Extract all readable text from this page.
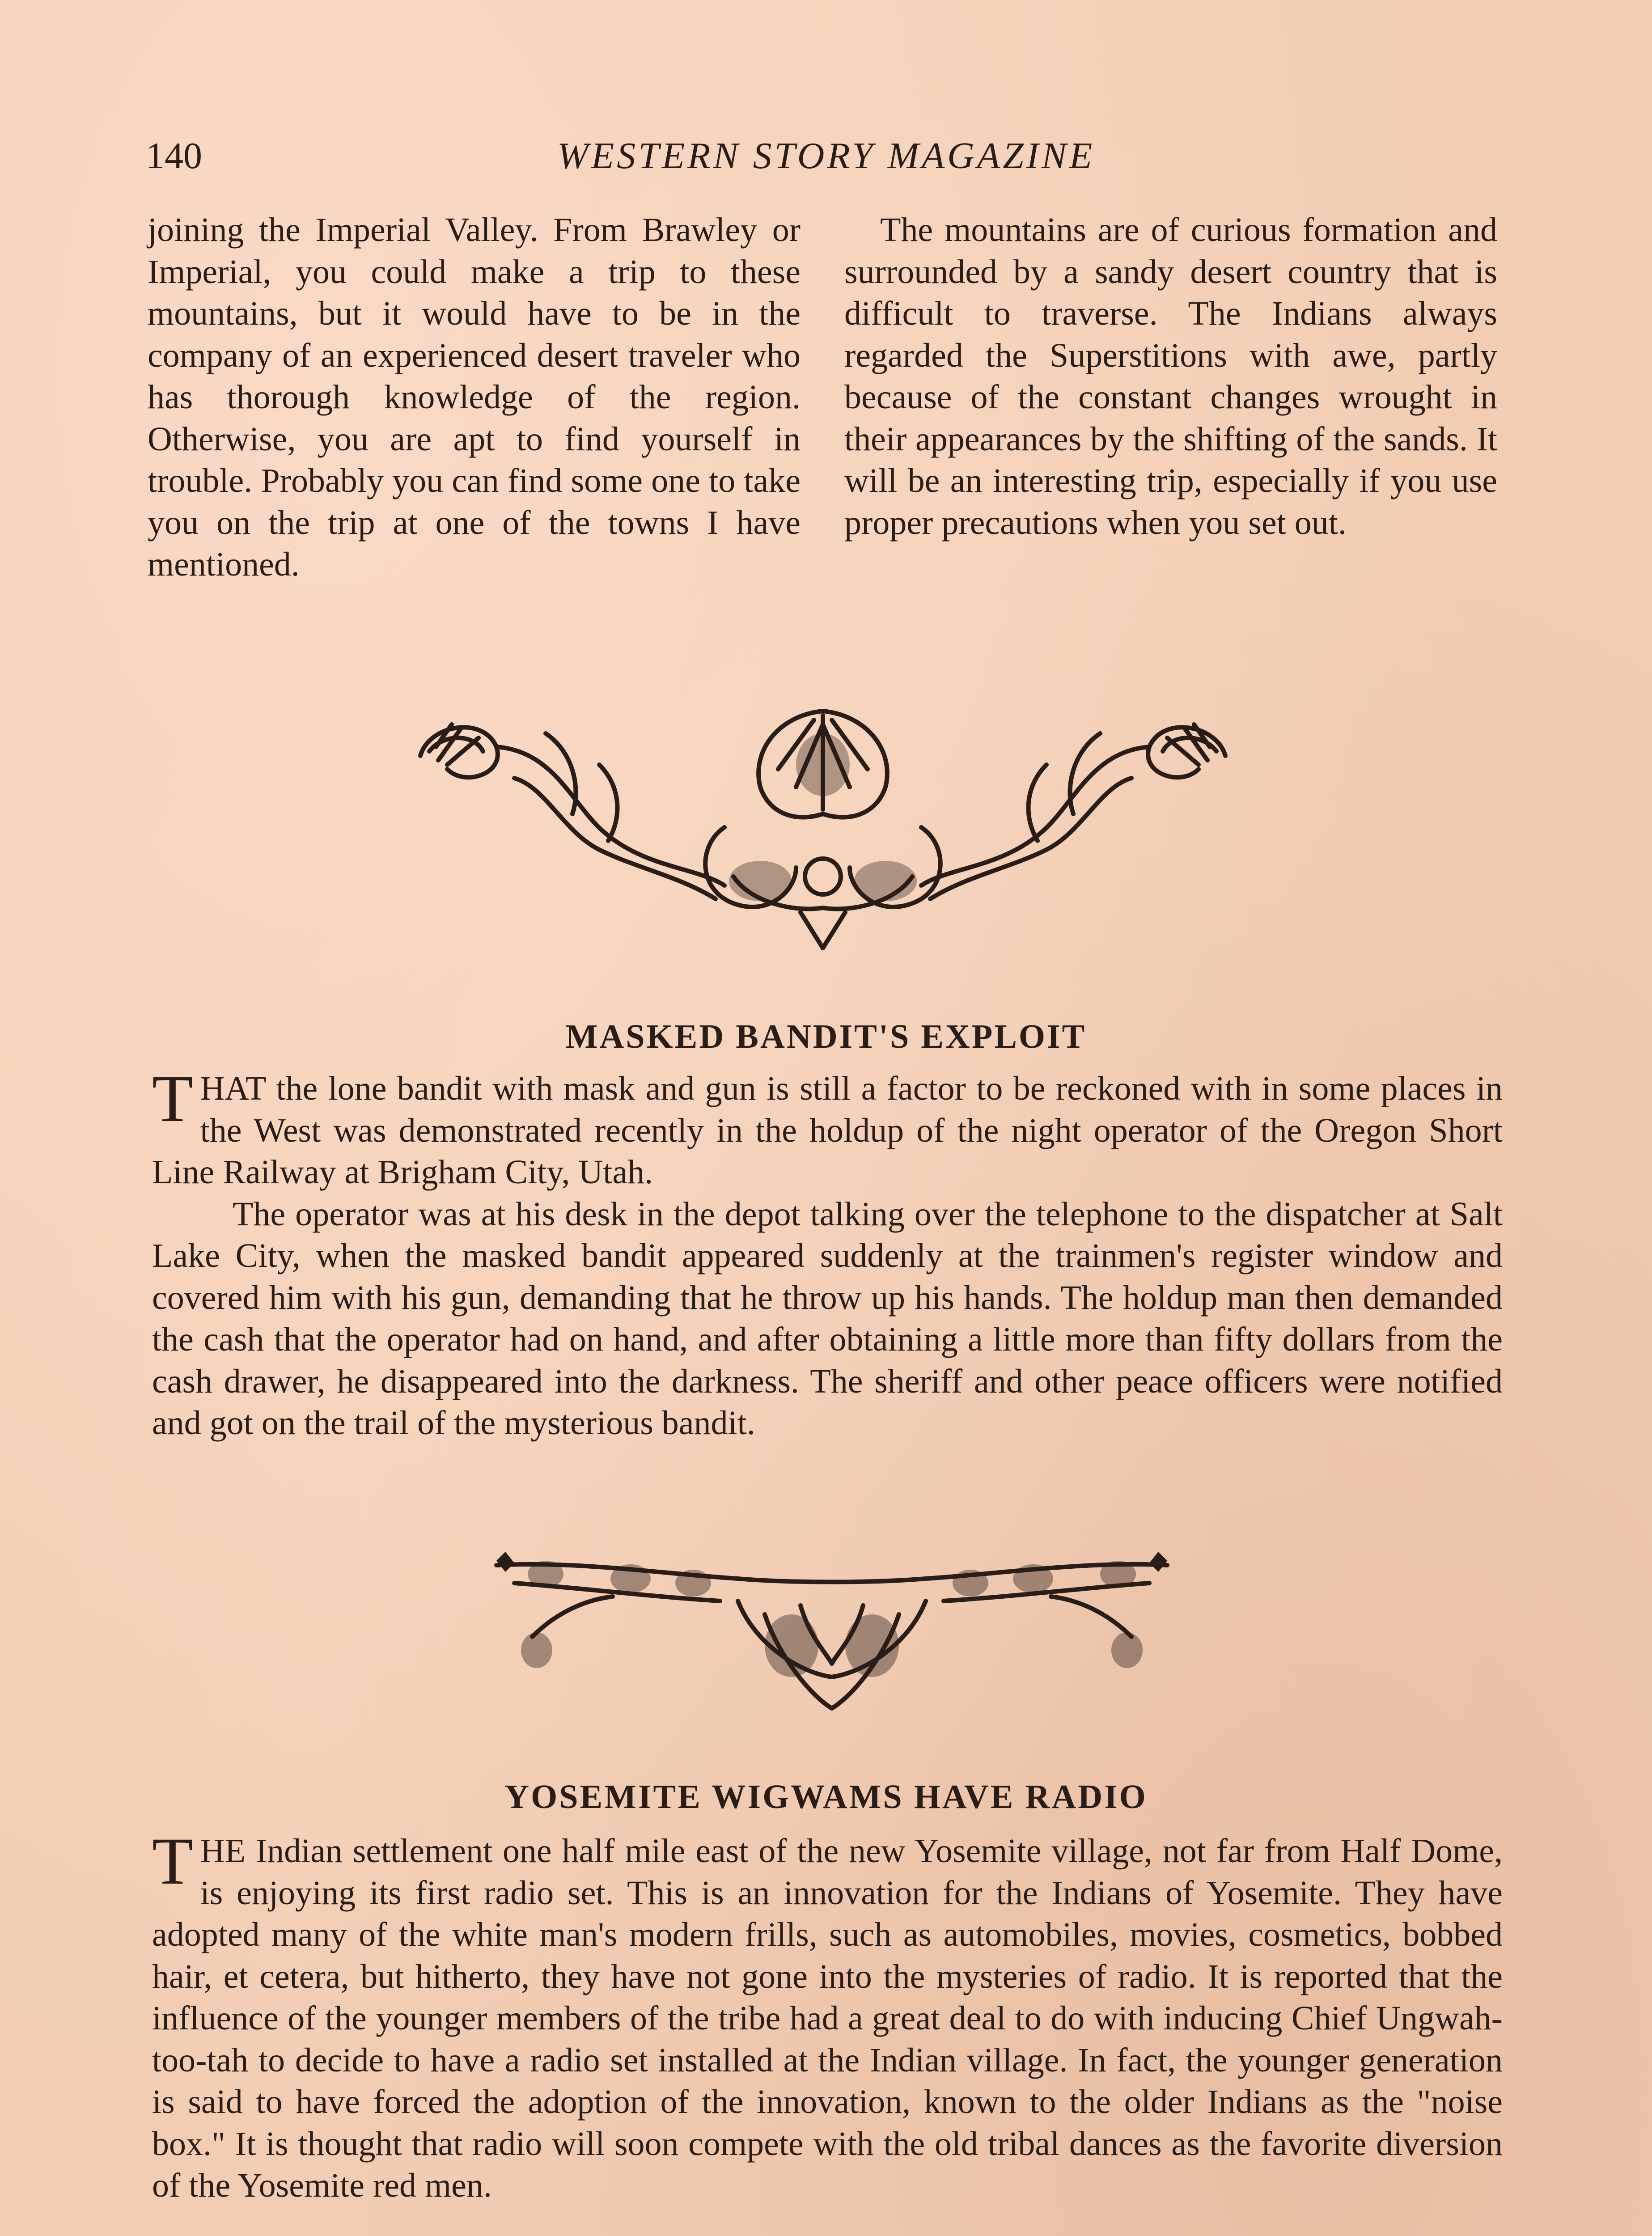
140	WESTERN STORY MAGAZINE

joining the Imperial Valley. From Brawley or Imperial, you could make a trip to these mountains, but it would have to be in the company of an experienced desert traveler who has thorough knowledge of the region. Otherwise, you are apt to find yourself in trouble. Probably you can find some one to take you on the trip at one of the towns I have mentioned.

The mountains are of curious formation and surrounded by a sandy desert country that is difficult to traverse. The Indians always regarded the Superstitions with awe, partly because of the constant changes wrought in their appearances by the shifting of the sands. It will be an interesting trip, especially if you use proper precautions when you set out.

MASKED BANDIT'S EXPLOIT
T HAT the lone bandit with mask and gun is still a factor to be reckoned with in some places in the West was demonstrated recently in the holdup of the night operator of the Oregon Short Line Railway at Brigham City, Utah.

The operator was at his desk in the depot talking over the telephone to the dispatcher at Salt Lake City, when the masked bandit appeared suddenly at the trainmen's register window and covered him with his gun, demanding that he throw up his hands. The holdup man then demanded the cash that the operator had on hand, and after obtaining a little more than fifty dollars from the cash drawer, he disappeared into the darkness. The sheriff and other peace officers were notified and got on the trail of the mysterious bandit.

YOSEMITE WIGWAMS HAVE RADIO
T HE Indian settlement one half mile east of the new Yosemite village, not far from Half Dome, is enjoying its first radio set. This is an innovation for the Indians of Yosemite. They have adopted many of the white man's modern frills, such as automobiles, movies, cosmetics, bobbed hair, et cetera, but hitherto, they have not gone into the mysteries of radio. It is reported that the influence of the younger members of the tribe had a great deal to do with inducing Chief Ungwah-too-tah to decide to have a radio set installed at the Indian village. In fact, the younger generation is said to have forced the adoption of the innovation, known to the older Indians as the "noise box." It is thought that radio will soon compete with the old tribal dances as the favorite diversion of the Yosemite red men.
